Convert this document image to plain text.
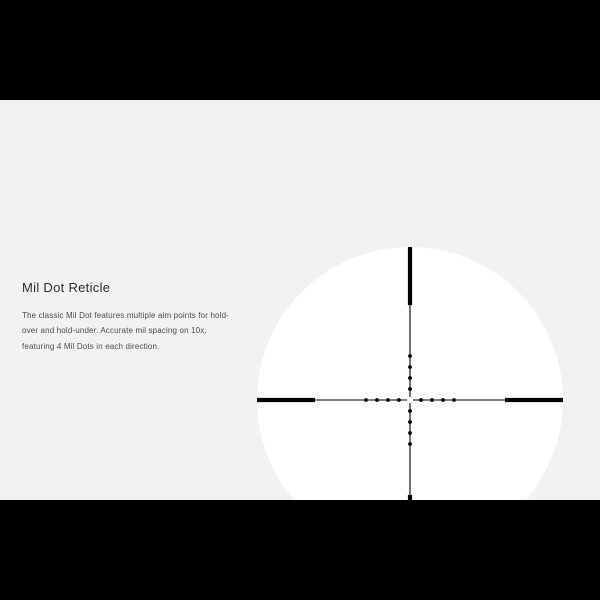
Mil Dot Reticle

The classic Mil Dot features multiple aim points for hold-over and hold-under. Accurate mil spacing on 10x, featuring 4 Mil Dots in each direction.
